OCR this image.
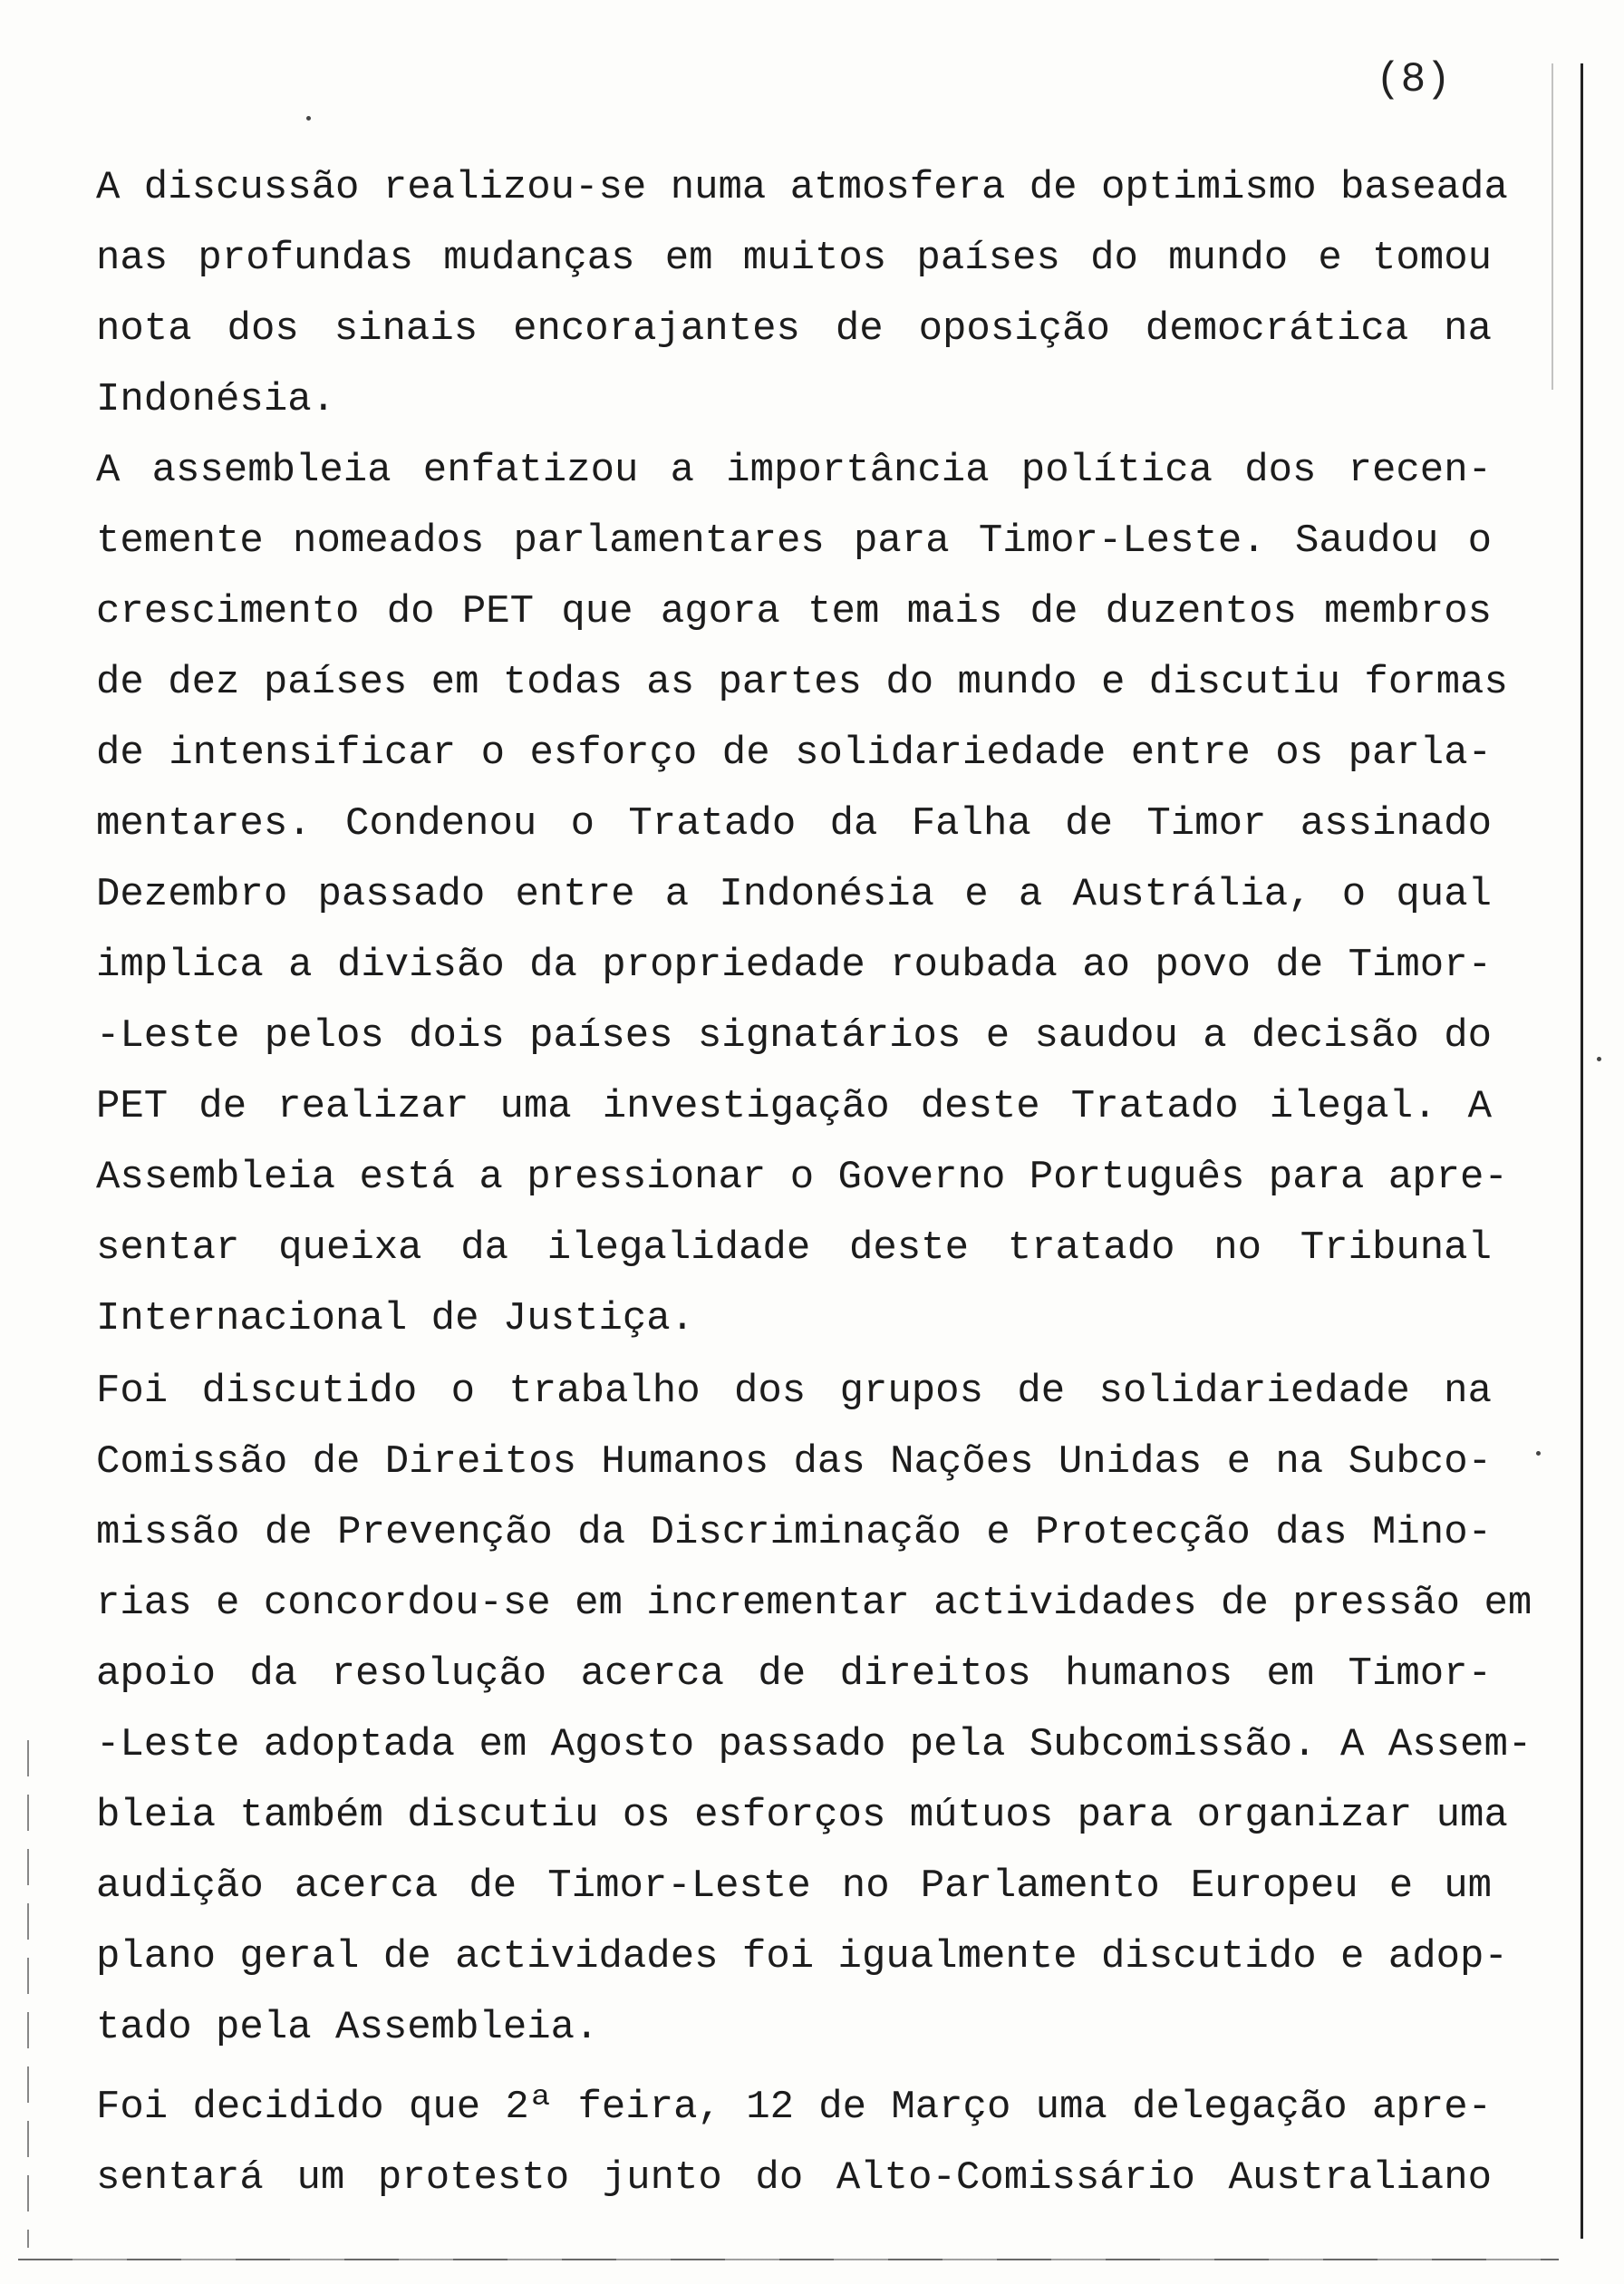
(8)
A discussão realizou-se numa atmosfera de optimismo baseada
nas profundas mudanças em muitos países do mundo e tomou
nota dos sinais encorajantes de oposição democrática na
Indonésia.
A assembleia enfatizou a importância política dos recen-
temente nomeados parlamentares para Timor-Leste. Saudou o
crescimento do PET que agora tem mais de duzentos membros
de dez países em todas as partes do mundo e discutiu formas
de intensificar o esforço de solidariedade entre os parla-
mentares. Condenou o Tratado da Falha de Timor assinado
Dezembro passado entre a Indonésia e a Austrália, o qual
implica a divisão da propriedade roubada ao povo de Timor-
-Leste pelos dois países signatários e saudou a decisão do
PET de realizar uma investigação deste Tratado ilegal. A
Assembleia está a pressionar o Governo Português para apre-
sentar queixa da ilegalidade deste tratado no Tribunal
Internacional de Justiça.
Foi discutido o trabalho dos grupos de solidariedade na
Comissão de Direitos Humanos das Nações Unidas e na Subco-
missão de Prevenção da Discriminação e Protecção das Mino-
rias e concordou-se em incrementar actividades de pressão em
apoio da resolução acerca de direitos humanos em Timor-
-Leste adoptada em Agosto passado pela Subcomissão. A Assem-
bleia também discutiu os esforços mútuos para organizar uma
audição acerca de Timor-Leste no Parlamento Europeu e um
plano geral de actividades foi igualmente discutido e adop-
tado pela Assembleia.
Foi decidido que 2ª feira, 12 de Março uma delegação apre-
sentará um protesto junto do Alto-Comissário Australiano
